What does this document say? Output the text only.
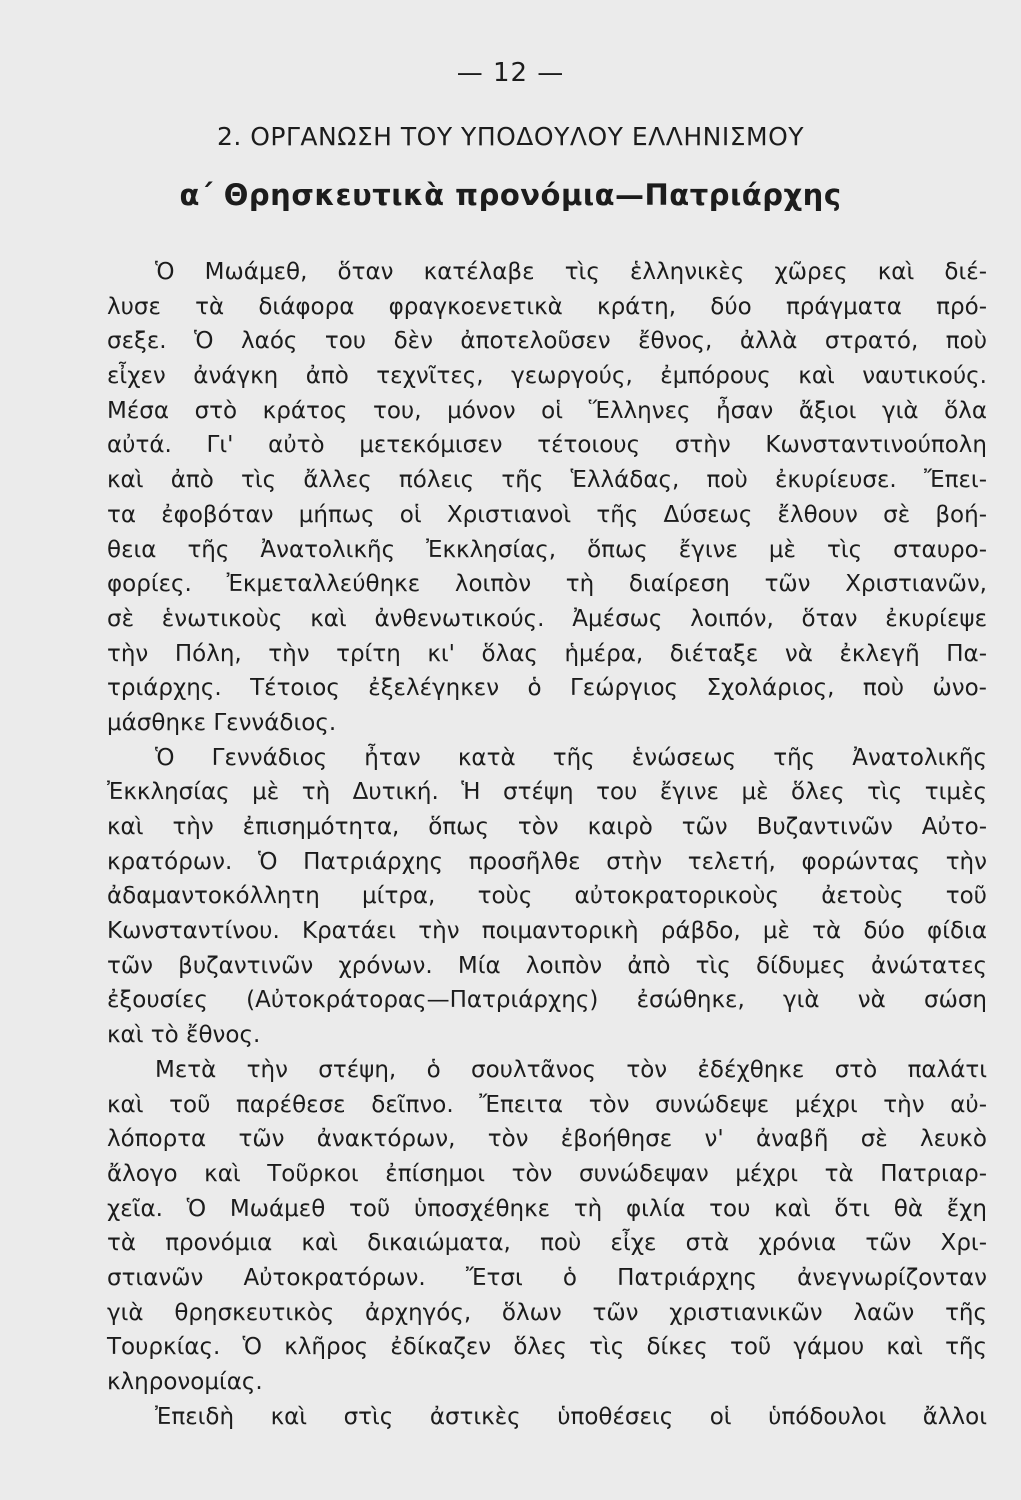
— 12 —
2. ΟΡΓΑΝΩΣΗ ΤΟΥ ΥΠΟΔΟΥΛΟΥ ΕΛΛΗΝΙΣΜΟΥ
α΄ Θρησκευτικὰ προνόμια—Πατριάρχης
Ὁ Μωάμεθ, ὅταν κατέλαβε τὶς ἑλληνικὲς χῶρες καὶ διέ-
λυσε τὰ διάφορα φραγκοενετικὰ κράτη, δύο πράγματα πρό-
σεξε. Ὁ λαός του δὲν ἀποτελοῦσεν ἔθνος, ἀλλὰ στρατό, ποὺ
εἶχεν ἀνάγκη ἀπὸ τεχνῖτες, γεωργούς, ἐμπόρους καὶ ναυτικούς.
Μέσα στὸ κράτος του, μόνον οἱ Ἕλληνες ἦσαν ἄξιοι γιὰ ὅλα
αὐτά. Γι' αὐτὸ μετεκόμισεν τέτοιους στὴν Κωνσταντινούπολη
καὶ ἀπὸ τὶς ἄλλες πόλεις τῆς Ἑλλάδας, ποὺ ἐκυρίευσε. Ἔπει-
τα ἐφοβόταν μήπως οἱ Χριστιανοὶ τῆς Δύσεως ἔλθουν σὲ βοή-
θεια τῆς Ἀνατολικῆς Ἐκκλησίας, ὅπως ἔγινε μὲ τὶς σταυρο-
φορίες. Ἐκμεταλλεύθηκε λοιπὸν τὴ διαίρεση τῶν Χριστιανῶν,
σὲ ἑνωτικοὺς καὶ ἀνθενωτικούς. Ἀμέσως λοιπόν, ὅταν ἐκυρίεψε
τὴν Πόλη, τὴν τρίτη κι' ὅλας ἡμέρα, διέταξε νὰ ἐκλεγῆ Πα-
τριάρχης. Τέτοιος ἐξελέγηκεν ὁ Γεώργιος Σχολάριος, ποὺ ὠνο-
μάσθηκε Γεννάδιος.
Ὁ Γεννάδιος ἦταν κατὰ τῆς ἑνώσεως τῆς Ἀνατολικῆς
Ἐκκλησίας μὲ τὴ Δυτική. Ἡ στέψη του ἔγινε μὲ ὅλες τὶς τιμὲς
καὶ τὴν ἐπισημότητα, ὅπως τὸν καιρὸ τῶν Βυζαντινῶν Αὐτο-
κρατόρων. Ὁ Πατριάρχης προσῆλθε στὴν τελετή, φορώντας τὴν
ἀδαμαντοκόλλητη μίτρα, τοὺς αὐτοκρατορικοὺς ἀετοὺς τοῦ
Κωνσταντίνου. Κρατάει τὴν ποιμαντορικὴ ράβδο, μὲ τὰ δύο φίδια
τῶν βυζαντινῶν χρόνων. Μία λοιπὸν ἀπὸ τὶς δίδυμες ἀνώτατες
ἐξουσίες (Αὐτοκράτορας—Πατριάρχης) ἐσώθηκε, γιὰ νὰ σώση
καὶ τὸ ἔθνος.
Μετὰ τὴν στέψη, ὁ σουλτᾶνος τὸν ἐδέχθηκε στὸ παλάτι
καὶ τοῦ παρέθεσε δεῖπνο. Ἔπειτα τὸν συνώδεψε μέχρι τὴν αὐ-
λόπορτα τῶν ἀνακτόρων, τὸν ἐβοήθησε ν' ἀναβῆ σὲ λευκὸ
ἄλογο καὶ Τοῦρκοι ἐπίσημοι τὸν συνώδεψαν μέχρι τὰ Πατριαρ-
χεῖα. Ὁ Μωάμεθ τοῦ ὑποσχέθηκε τὴ φιλία του καὶ ὅτι θὰ ἔχη
τὰ προνόμια καὶ δικαιώματα, ποὺ εἶχε στὰ χρόνια τῶν Χρι-
στιανῶν Αὐτοκρατόρων. Ἔτσι ὁ Πατριάρχης ἀνεγνωρίζονταν
γιὰ θρησκευτικὸς ἀρχηγός, ὅλων τῶν χριστιανικῶν λαῶν τῆς
Τουρκίας. Ὁ κλῆρος ἐδίκαζεν ὅλες τὶς δίκες τοῦ γάμου καὶ τῆς
κληρονομίας.
Ἐπειδὴ καὶ στὶς ἀστικὲς ὑποθέσεις οἱ ὑπόδουλοι ἄλλοι
